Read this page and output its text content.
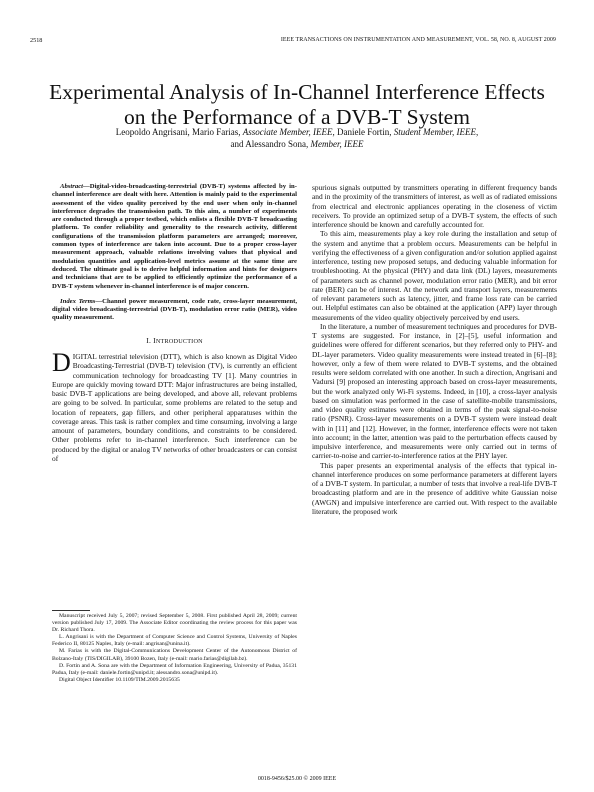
2518	IEEE TRANSACTIONS ON INSTRUMENTATION AND MEASUREMENT, VOL. 58, NO. 8, AUGUST 2009
Experimental Analysis of In-Channel Interference Effects on the Performance of a DVB-T System
Leopoldo Angrisani, Mario Farias, Associate Member, IEEE, Daniele Fortin, Student Member, IEEE,
and Alessandro Sona, Member, IEEE

Abstract—Digital-video-broadcasting-terrestrial (DVB-T) systems affected by in-channel interference are dealt with here. Attention is mainly paid to the experimental assessment of the video quality perceived by the end user when only in-channel interference degrades the transmission path. To this aim, a number of experiments are conducted through a proper testbed, which enlists a flexible DVB-T broadcasting platform. To confer reliability and generality to the research activity, different configurations of the transmission platform parameters are arranged; moreover, common types of interference are taken into account. Due to a proper cross-layer measurement approach, valuable relations involving values that physical and modulation quantities and application-level metrics assume at the same time are deduced. The ultimate goal is to derive helpful information and hints for designers and technicians that are to be applied to efficiently optimize the performance of a DVB-T system whenever in-channel interference is of major concern.

Index Terms—Channel power measurement, code rate, cross-layer measurement, digital video broadcasting-terrestrial (DVB-T), modulation error ratio (MER), video quality measurement.

I. INTRODUCTION

DIGITAL terrestrial television (DTT), which is also known as Digital Video Broadcasting-Terrestrial (DVB-T) television (TV), is currently an efficient communication technology for broadcasting TV [1]. Many countries in Europe are quickly moving toward DTT: Major infrastructures are being installed, basic DVB-T applications are being developed, and above all, relevant problems are going to be solved. In particular, some problems are related to the setup and location of repeaters, gap fillers, and other peripheral apparatuses within the coverage areas. This task is rather complex and time consuming, involving a large amount of parameters, boundary conditions, and constraints to be considered. Other problems refer to in-channel interference. Such interference can be produced by the digital or analog TV networks of other broadcasters or can consist of

Manuscript received July 5, 2007; revised September 5, 2008. First published April 28, 2009; current version published July 17, 2009. The Associate Editor coordinating the review process for this paper was Dr. Richard Thora.

L. Angrisani is with the Department of Computer Science and Control Systems, University of Naples Federico II, 80125 Naples, Italy (e-mail: angrisan@unina.it).

M. Farias is with the Digital-Communications Development Center of the Autonomous District of Bolzano-Italy (TIS/DIGILAB), 39100 Bozen, Italy (e-mail: mario.farias@digilab.bz).

D. Fortin and A. Sona are with the Department of Information Engineering, University of Padua, 35131 Padua, Italy (e-mail: daniele.fortin@unipd.it; alessandro.sona@unipd.it).

Digital Object Identifier 10.1109/TIM.2009.2015635

spurious signals outputted by transmitters operating in different frequency bands and in the proximity of the transmitters of interest, as well as of radiated emissions from electrical and electronic appliances operating in the closeness of victim receivers. To provide an optimized setup of a DVB-T system, the effects of such interference should be known and carefully accounted for.

To this aim, measurements play a key role during the installation and setup of the system and anytime that a problem occurs. Measurements can be helpful in verifying the effectiveness of a given configuration and/or solution applied against interference, testing new proposed setups, and deducing valuable information for troubleshooting. At the physical (PHY) and data link (DL) layers, measurements of parameters such as channel power, modulation error ratio (MER), and bit error rate (BER) can be of interest. At the network and transport layers, measurements of relevant parameters such as latency, jitter, and frame loss rate can be carried out. Helpful estimates can also be obtained at the application (APP) layer through measurements of the video quality objectively perceived by end users.

In the literature, a number of measurement techniques and procedures for DVB-T systems are suggested. For instance, in [2]–[5], useful information and guidelines were offered for different scenarios, but they referred only to PHY- and DL-layer parameters. Video quality measurements were instead treated in [6]–[8]; however, only a few of them were related to DVB-T systems, and the obtained results were seldom correlated with one another. In such a direction, Angrisani and Vadursi [9] proposed an interesting approach based on cross-layer measurements, but the work analyzed only Wi-Fi systems. Indeed, in [10], a cross-layer analysis based on simulation was performed in the case of satellite-mobile transmissions, and video quality estimates were obtained in terms of the peak signal-to-noise ratio (PSNR). Cross-layer measurements on a DVB-T system were instead dealt with in [11] and [12]. However, in the former, interference effects were not taken into account; in the latter, attention was paid to the perturbation effects caused by impulsive interference, and measurements were only carried out in terms of carrier-to-noise and carrier-to-interference ratios at the PHY layer.

This paper presents an experimental analysis of the effects that typical in-channel interference produces on some performance parameters at different layers of a DVB-T system. In particular, a number of tests that involve a real-life DVB-T broadcasting platform and are in the presence of additive white Gaussian noise (AWGN) and impulsive interference are carried out. With respect to the available literature, the proposed work

0018-9456/$25.00 © 2009 IEEE
